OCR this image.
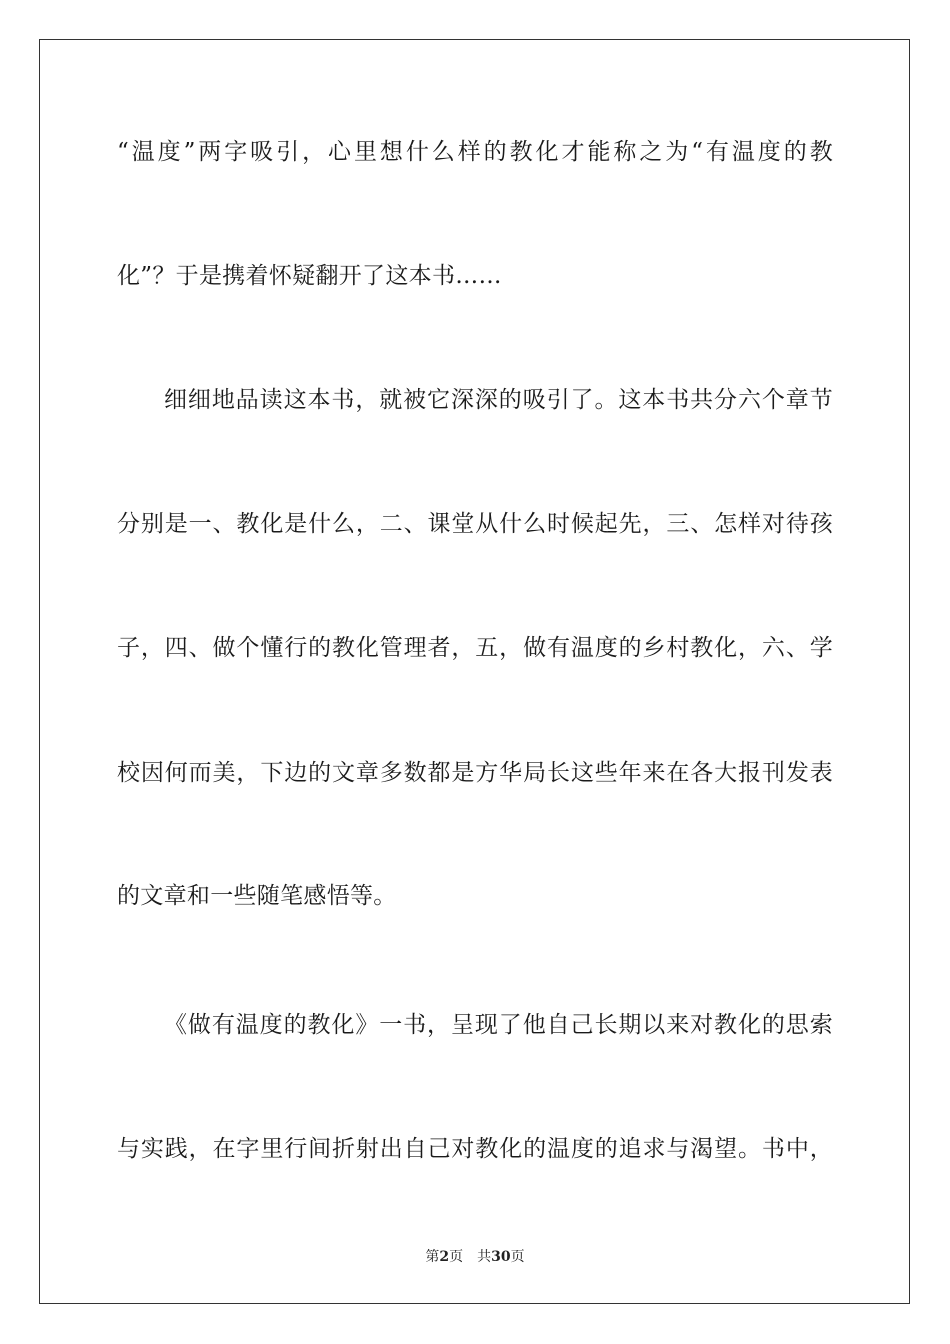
“温度”两字吸引，心里想什么样的教化才能称之为“有温度的教
化”？于是携着怀疑翻开了这本书……
细细地品读这本书，就被它深深的吸引了。这本书共分六个章节
分别是一、教化是什么，二、课堂从什么时候起先，三、怎样对待孩
子，四、做个懂行的教化管理者，五，做有温度的乡村教化，六、学
校因何而美，下边的文章多数都是方华局长这些年来在各大报刊发表
的文章和一些随笔感悟等。
《做有温度的教化》一书，呈现了他自己长期以来对教化的思索
与实践，在字里行间折射出自己对教化的温度的追求与渴望。书中，
第2页 共30页
